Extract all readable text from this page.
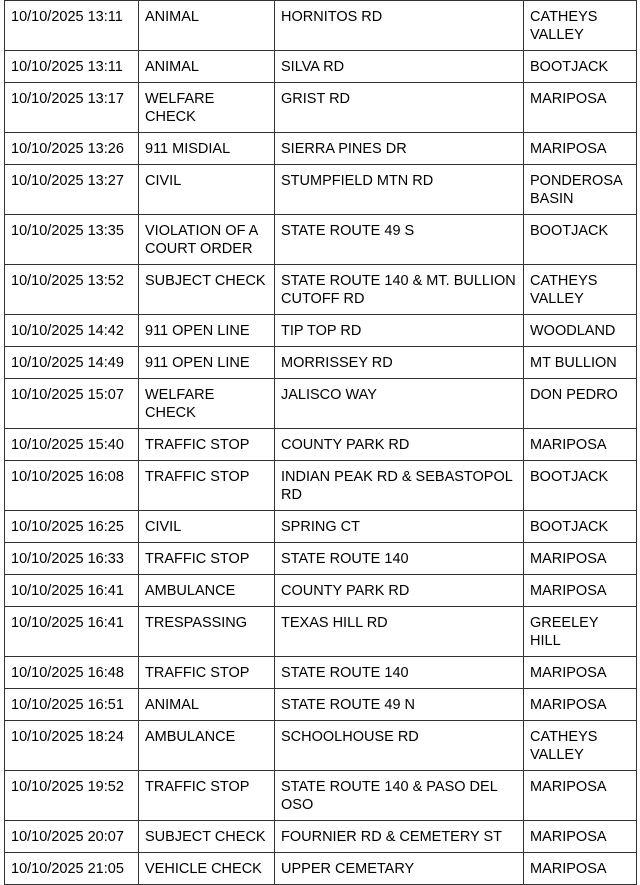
10/10/2025 13:11	ANIMAL	HORNITOS RD	CATHEYS VALLEY
10/10/2025 13:11	ANIMAL	SILVA RD	BOOTJACK
10/10/2025 13:17	WELFARE CHECK	GRIST RD	MARIPOSA
10/10/2025 13:26	911 MISDIAL	SIERRA PINES DR	MARIPOSA
10/10/2025 13:27	CIVIL	STUMPFIELD MTN RD	PONDEROSA BASIN
10/10/2025 13:35	VIOLATION OF A COURT ORDER	STATE ROUTE 49 S	BOOTJACK
10/10/2025 13:52	SUBJECT CHECK	STATE ROUTE 140 & MT. BULLION CUTOFF RD	CATHEYS VALLEY
10/10/2025 14:42	911 OPEN LINE	TIP TOP RD	WOODLAND
10/10/2025 14:49	911 OPEN LINE	MORRISSEY RD	MT BULLION
10/10/2025 15:07	WELFARE CHECK	JALISCO WAY	DON PEDRO
10/10/2025 15:40	TRAFFIC STOP	COUNTY PARK RD	MARIPOSA
10/10/2025 16:08	TRAFFIC STOP	INDIAN PEAK RD & SEBASTOPOL RD	BOOTJACK
10/10/2025 16:25	CIVIL	SPRING CT	BOOTJACK
10/10/2025 16:33	TRAFFIC STOP	STATE ROUTE 140	MARIPOSA
10/10/2025 16:41	AMBULANCE	COUNTY PARK RD	MARIPOSA
10/10/2025 16:41	TRESPASSING	TEXAS HILL RD	GREELEY HILL
10/10/2025 16:48	TRAFFIC STOP	STATE ROUTE 140	MARIPOSA
10/10/2025 16:51	ANIMAL	STATE ROUTE 49 N	MARIPOSA
10/10/2025 18:24	AMBULANCE	SCHOOLHOUSE RD	CATHEYS VALLEY
10/10/2025 19:52	TRAFFIC STOP	STATE ROUTE 140 & PASO DEL OSO	MARIPOSA
10/10/2025 20:07	SUBJECT CHECK	FOURNIER RD & CEMETERY ST	MARIPOSA
10/10/2025 21:05	VEHICLE CHECK	UPPER CEMETARY	MARIPOSA
